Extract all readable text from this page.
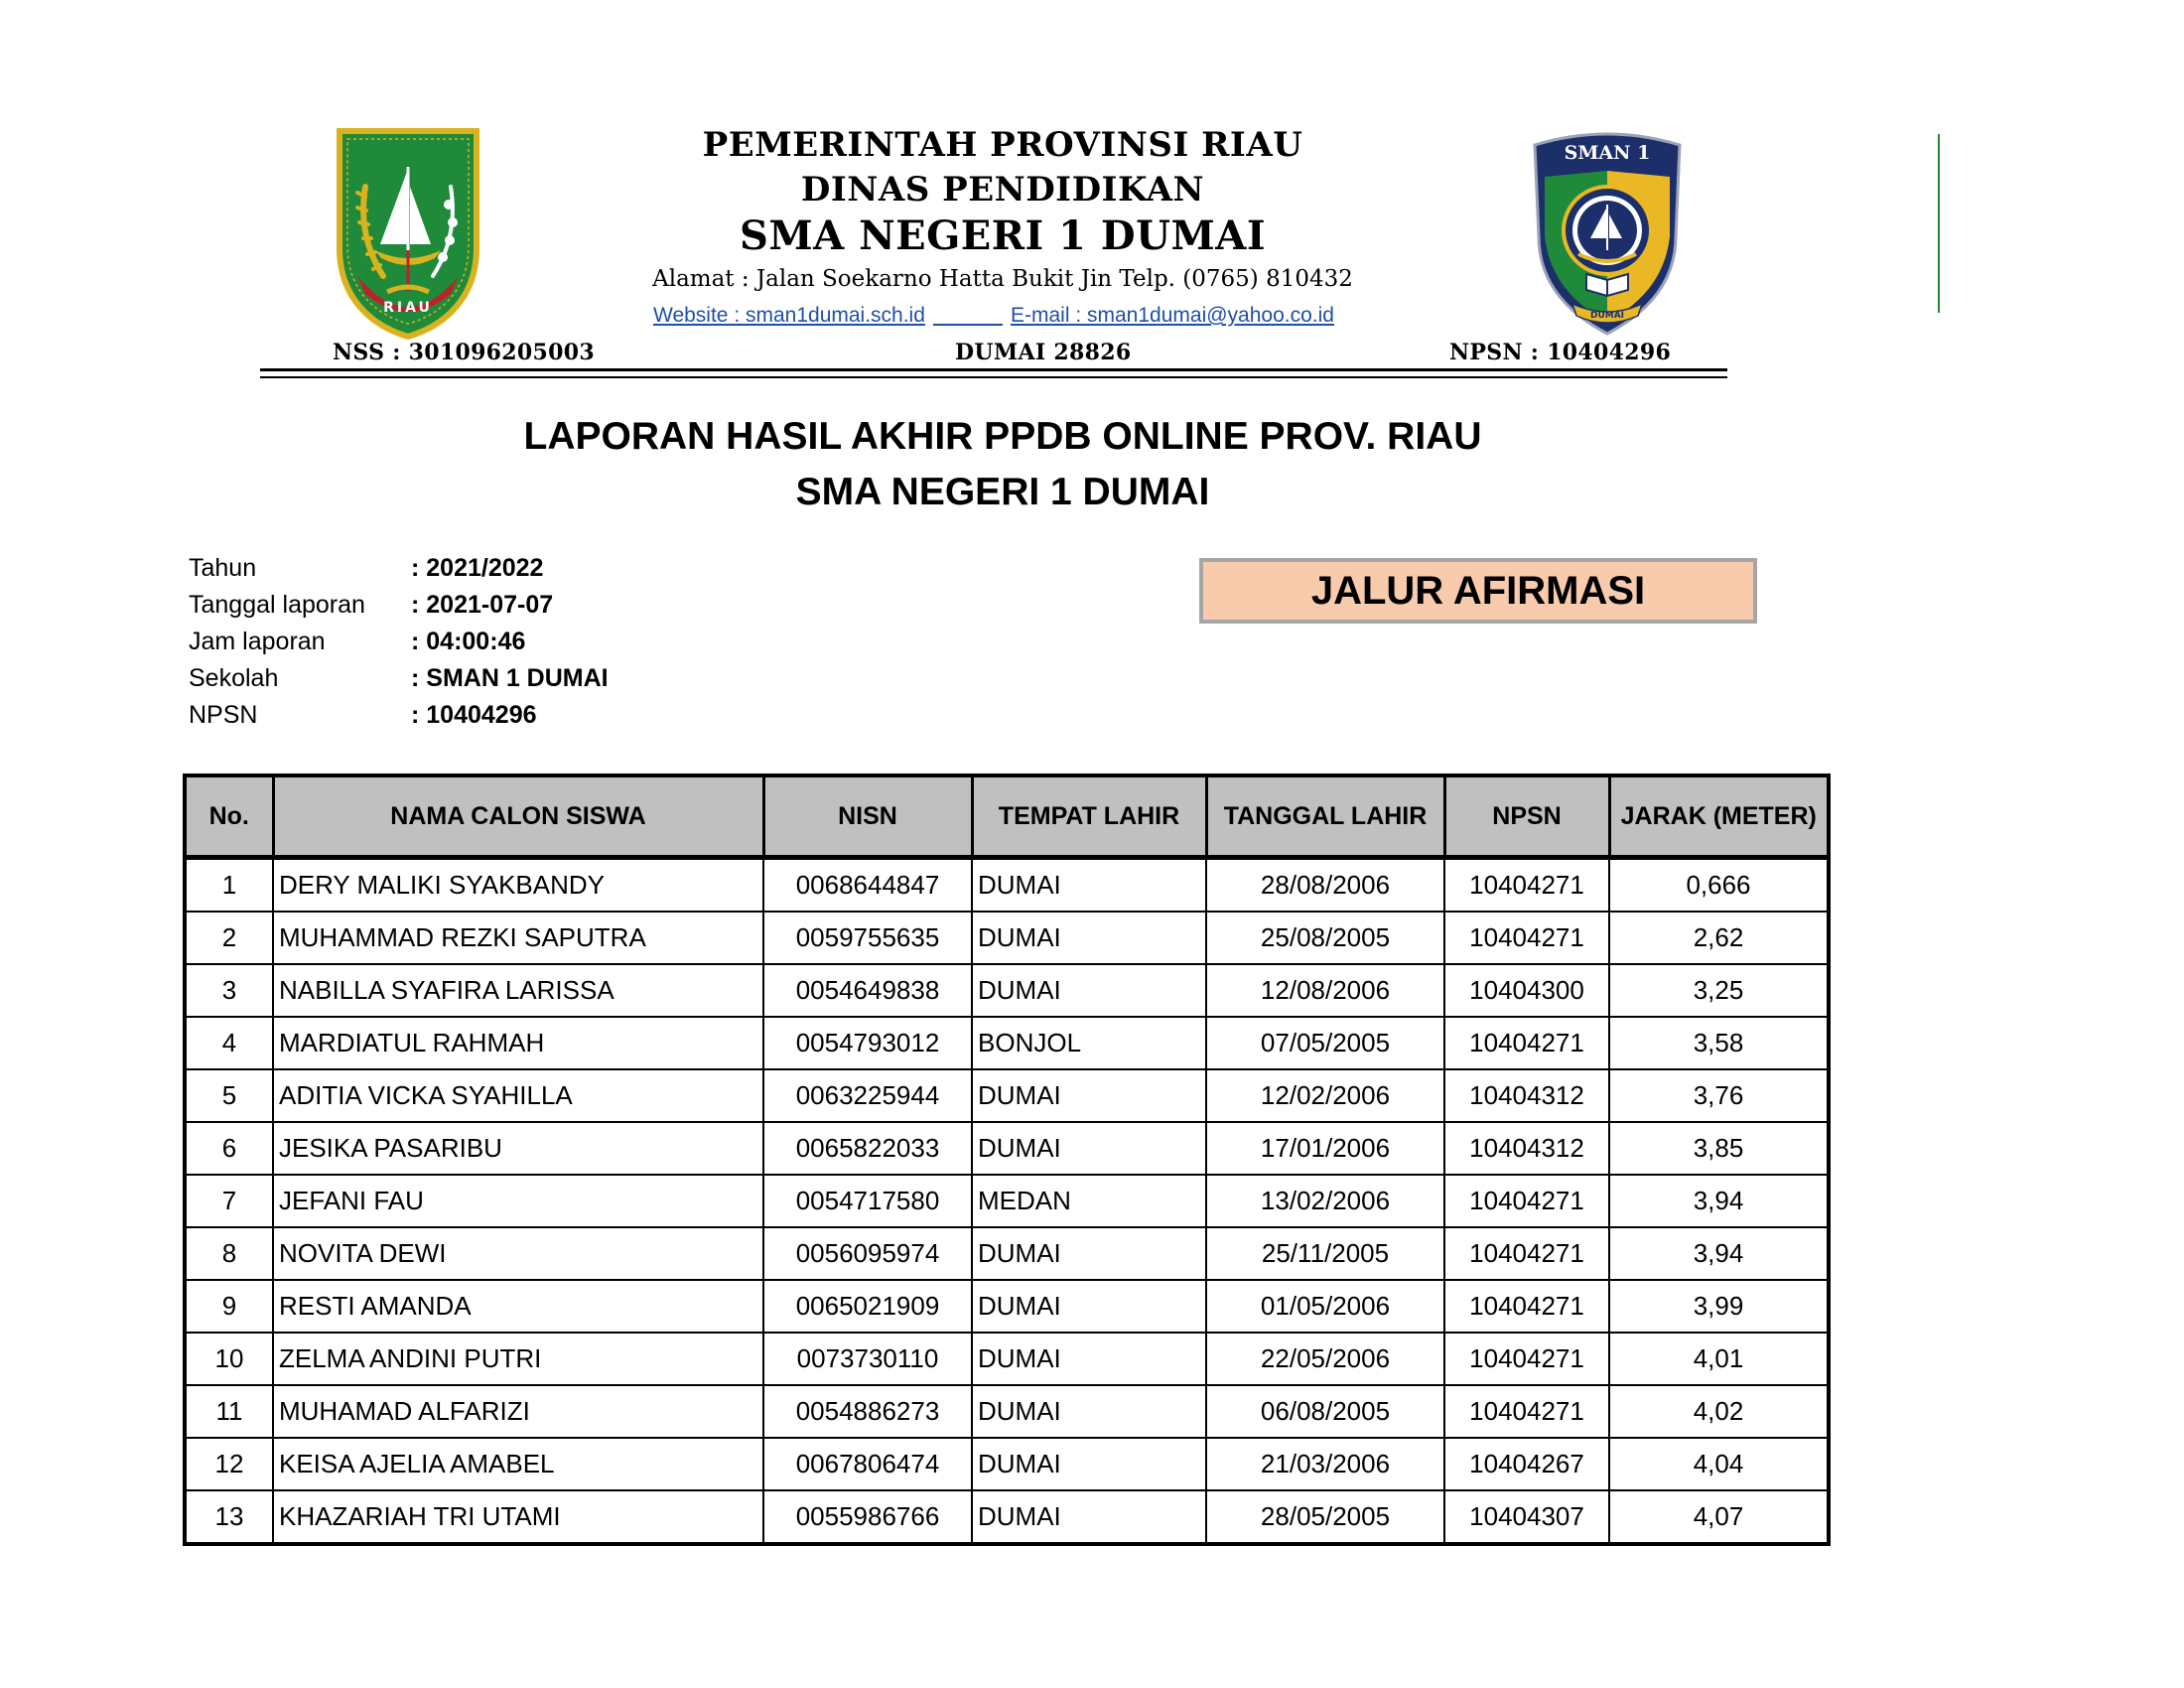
RIAU
SMAN 1
DUMAI
PEMERINTAH PROVINSI RIAU
DINAS PENDIDIKAN
SMA NEGERI 1 DUMAI
Alamat : Jalan Soekarno Hatta Bukit Jin Telp. (0765) 810432
Website : sman1dumai.sch.id	E-mail : sman1dumai@yahoo.co.id
NSS : 301096205003	DUMAI 28826	NPSN : 10404296
LAPORAN HASIL AKHIR PPDB ONLINE PROV. RIAU
SMA NEGERI 1 DUMAI
Tahun	: 2021/2022
Tanggal laporan	: 2021-07-07
Jam laporan	: 04:00:46
Sekolah	: SMAN 1 DUMAI
NPSN	: 10404296
JALUR AFIRMASI
No.	NAMA CALON SISWA	NISN	TEMPAT LAHIR	TANGGAL LAHIR	NPSN	JARAK (METER)
1	DERY MALIKI SYAKBANDY	0068644847	DUMAI	28/08/2006	10404271	0,666
2	MUHAMMAD REZKI SAPUTRA	0059755635	DUMAI	25/08/2005	10404271	2,62
3	NABILLA SYAFIRA LARISSA	0054649838	DUMAI	12/08/2006	10404300	3,25
4	MARDIATUL RAHMAH	0054793012	BONJOL	07/05/2005	10404271	3,58
5	ADITIA VICKA SYAHILLA	0063225944	DUMAI	12/02/2006	10404312	3,76
6	JESIKA PASARIBU	0065822033	DUMAI	17/01/2006	10404312	3,85
7	JEFANI FAU	0054717580	MEDAN	13/02/2006	10404271	3,94
8	NOVITA DEWI	0056095974	DUMAI	25/11/2005	10404271	3,94
9	RESTI AMANDA	0065021909	DUMAI	01/05/2006	10404271	3,99
10	ZELMA ANDINI PUTRI	0073730110	DUMAI	22/05/2006	10404271	4,01
11	MUHAMAD ALFARIZI	0054886273	DUMAI	06/08/2005	10404271	4,02
12	KEISA AJELIA AMABEL	0067806474	DUMAI	21/03/2006	10404267	4,04
13	KHAZARIAH TRI UTAMI	0055986766	DUMAI	28/05/2005	10404307	4,07
